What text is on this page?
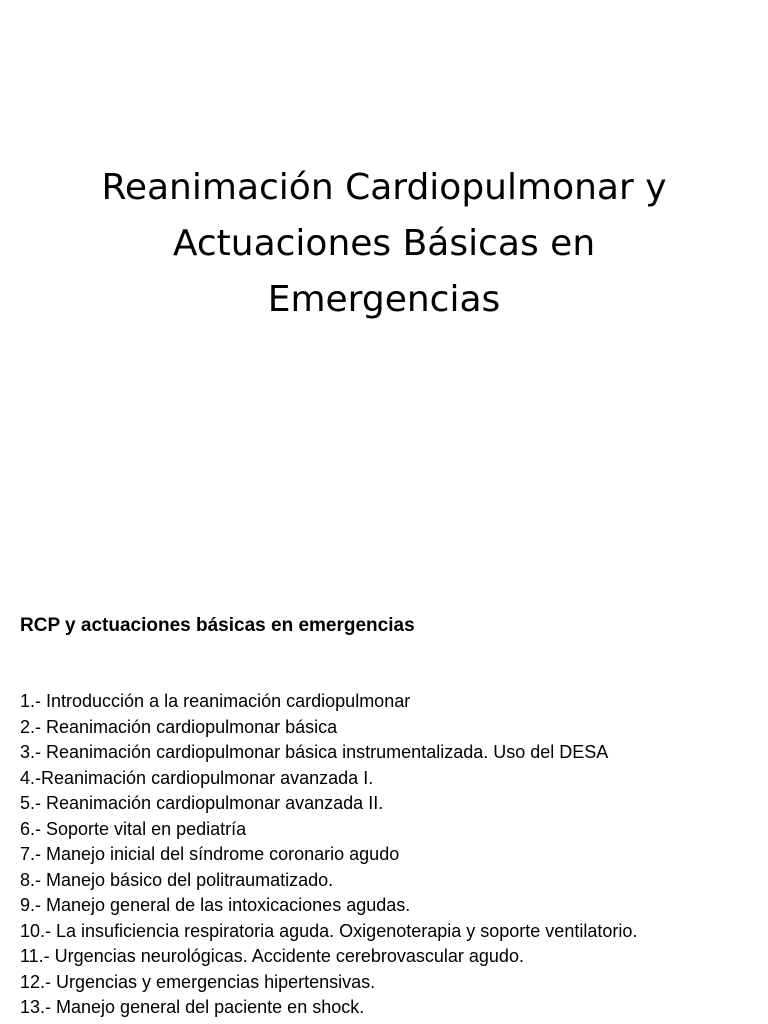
Reanimación Cardiopulmonar y
Actuaciones Básicas en
Emergencias
RCP y actuaciones básicas en emergencias
1.- Introducción a la reanimación cardiopulmonar
2.- Reanimación cardiopulmonar básica
3.- Reanimación cardiopulmonar básica instrumentalizada. Uso del DESA
4.-Reanimación cardiopulmonar avanzada I.
5.- Reanimación cardiopulmonar avanzada II.
6.- Soporte vital en pediatría
7.- Manejo inicial del síndrome coronario agudo
8.- Manejo básico del politraumatizado.
9.- Manejo general de las intoxicaciones agudas.
10.- La insuficiencia respiratoria aguda. Oxigenoterapia y soporte ventilatorio.
11.- Urgencias neurológicas. Accidente cerebrovascular agudo.
12.- Urgencias y emergencias hipertensivas.
13.- Manejo general del paciente en shock.
